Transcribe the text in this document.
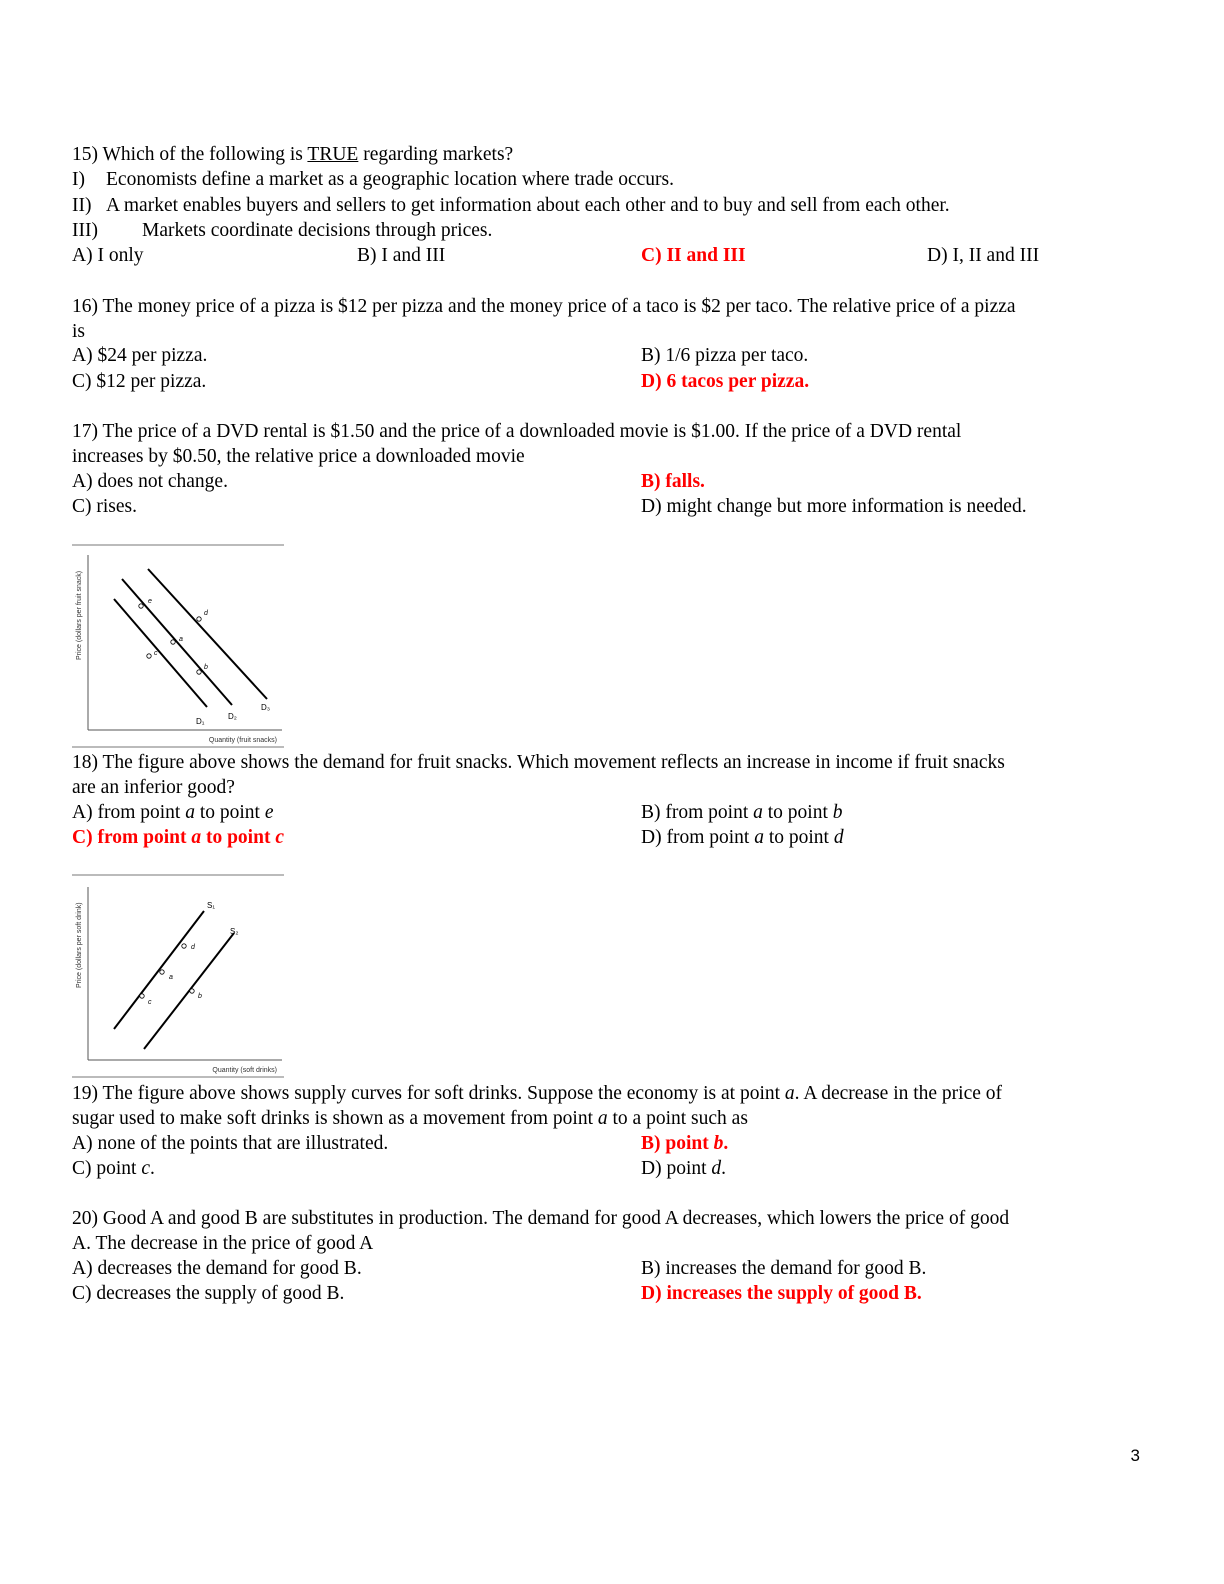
15) Which of the following is TRUE regarding markets?
I) Economists define a market as a geographic location where trade occurs.
II) A market enables buyers and sellers to get information about each other and to buy and sell from each other.
III) Markets coordinate decisions through prices.
A) I only	B) I and III	C) II and III	D) I, II and III
16) The money price of a pizza is $12 per pizza and the money price of a taco is $2 per taco. The relative price of a pizza
is
A) $24 per pizza.	B) 1/6 pizza per taco.
C) $12 per pizza.	D) 6 tacos per pizza.
17) The price of a DVD rental is $1.50 and the price of a downloaded movie is $1.00. If the price of a DVD rental
increases by $0.50, the relative price a downloaded movie
A) does not change.	B) falls.
C) rises.	D) might change but more information is needed.
Price (dollars per fruit snack)
Quantity (fruit snacks)
e
a
c
d
b
D₁
D₂
D₃
18) The figure above shows the demand for fruit snacks. Which movement reflects an increase in income if fruit snacks
are an inferior good?
A) from point a to point e	B) from point a to point b
C) from point a to point c	D) from point a to point d
Price (dollars per soft drink)
Quantity (soft drinks)
d
a
c
b
S₁
S₂
19) The figure above shows supply curves for soft drinks. Suppose the economy is at point a. A decrease in the price of
sugar used to make soft drinks is shown as a movement from point a to a point such as
A) none of the points that are illustrated.	B) point b.
C) point c.	D) point d.
20) Good A and good B are substitutes in production. The demand for good A decreases, which lowers the price of good
A. The decrease in the price of good A
A) decreases the demand for good B.	B) increases the demand for good B.
C) decreases the supply of good B.	D) increases the supply of good B.
3
